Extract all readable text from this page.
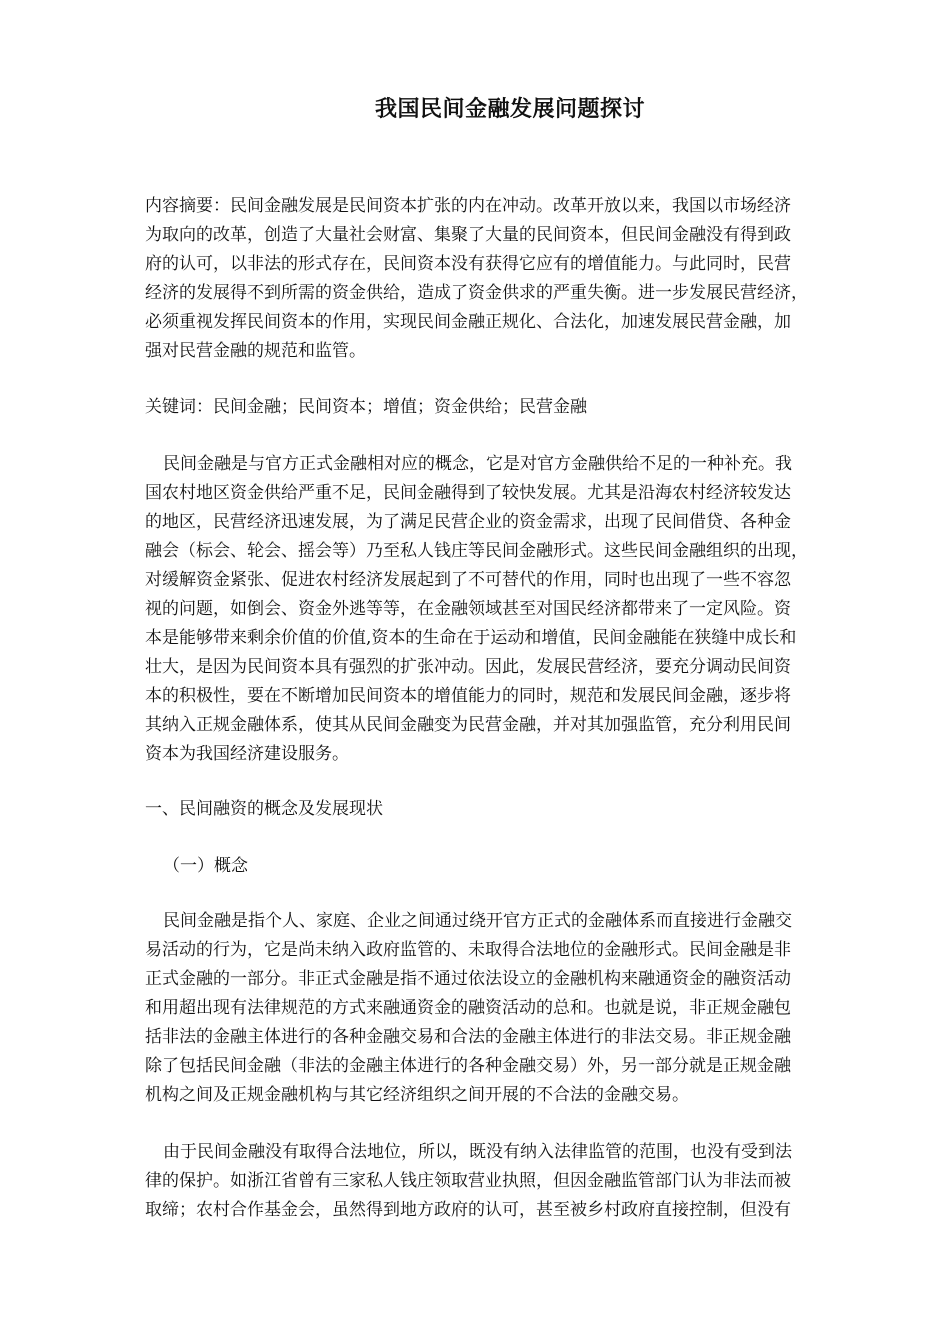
我国民间金融发展问题探讨
内容摘要：民间金融发展是民间资本扩张的内在冲动。改革开放以来，我国以市场经济
为取向的改革，创造了大量社会财富、集聚了大量的民间资本，但民间金融没有得到政
府的认可，以非法的形式存在，民间资本没有获得它应有的增值能力。与此同时，民营
经济的发展得不到所需的资金供给，造成了资金供求的严重失衡。进一步发展民营经济，
必须重视发挥民间资本的作用，实现民间金融正规化、合法化，加速发展民营金融，加
强对民营金融的规范和监管。
关键词：民间金融；民间资本；增值；资金供给；民营金融
民间金融是与官方正式金融相对应的概念，它是对官方金融供给不足的一种补充。我
国农村地区资金供给严重不足，民间金融得到了较快发展。尤其是沿海农村经济较发达
的地区，民营经济迅速发展，为了满足民营企业的资金需求，出现了民间借贷、各种金
融会（标会、轮会、摇会等）乃至私人钱庄等民间金融形式。这些民间金融组织的出现，
对缓解资金紧张、促进农村经济发展起到了不可替代的作用，同时也出现了一些不容忽
视的问题，如倒会、资金外逃等等，在金融领域甚至对国民经济都带来了一定风险。资
本是能够带来剩余价值的价值,资本的生命在于运动和增值，民间金融能在狭缝中成长和
壮大，是因为民间资本具有强烈的扩张冲动。因此，发展民营经济，要充分调动民间资
本的积极性，要在不断增加民间资本的增值能力的同时，规范和发展民间金融，逐步将
其纳入正规金融体系，使其从民间金融变为民营金融，并对其加强监管，充分利用民间
资本为我国经济建设服务。
一、民间融资的概念及发展现状
（一）概念
民间金融是指个人、家庭、企业之间通过绕开官方正式的金融体系而直接进行金融交
易活动的行为，它是尚未纳入政府监管的、未取得合法地位的金融形式。民间金融是非
正式金融的一部分。非正式金融是指不通过依法设立的金融机构来融通资金的融资活动
和用超出现有法律规范的方式来融通资金的融资活动的总和。也就是说，非正规金融包
括非法的金融主体进行的各种金融交易和合法的金融主体进行的非法交易。非正规金融
除了包括民间金融（非法的金融主体进行的各种金融交易）外，另一部分就是正规金融
机构之间及正规金融机构与其它经济组织之间开展的不合法的金融交易。
由于民间金融没有取得合法地位，所以，既没有纳入法律监管的范围，也没有受到法
律的保护。如浙江省曾有三家私人钱庄领取营业执照，但因金融监管部门认为非法而被
取缔；农村合作基金会，虽然得到地方政府的认可，甚至被乡村政府直接控制，但没有
